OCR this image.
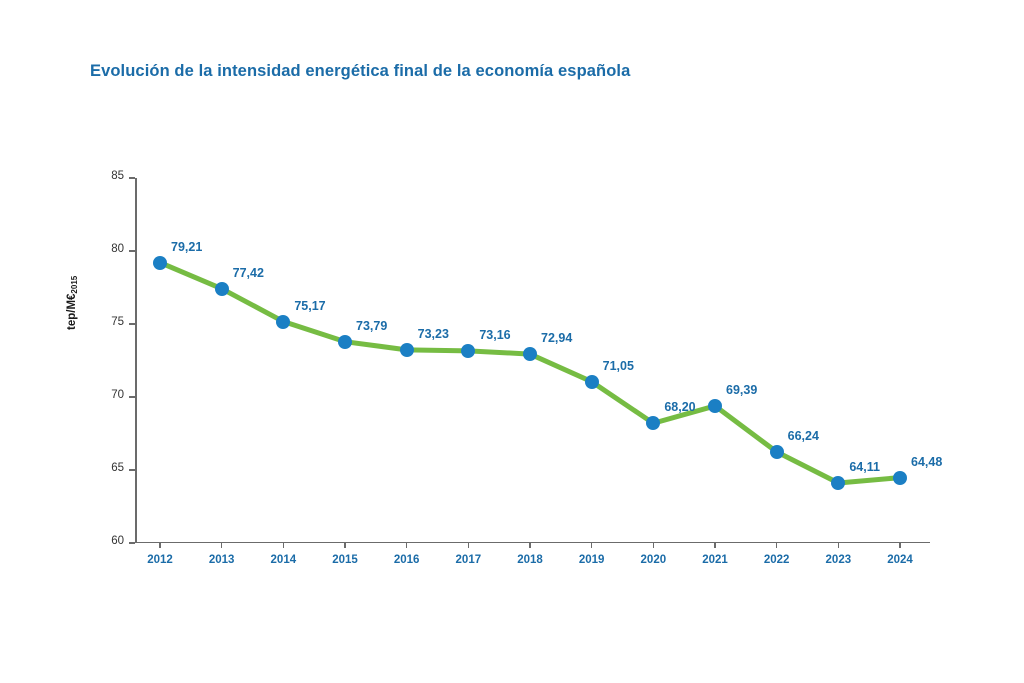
Evolución de la intensidad energética final de la economía española
60
65
70
75
80
85
2012	2013	2014	2015	2016	2017	2018	2019	2020	2021	2022	2023	2024
79,21
77,42
75,17
73,79
73,23 73,16 72,94
71,05
68,20
69,39
66,24
64,11 64,48
tep/$M€_{2015}$
